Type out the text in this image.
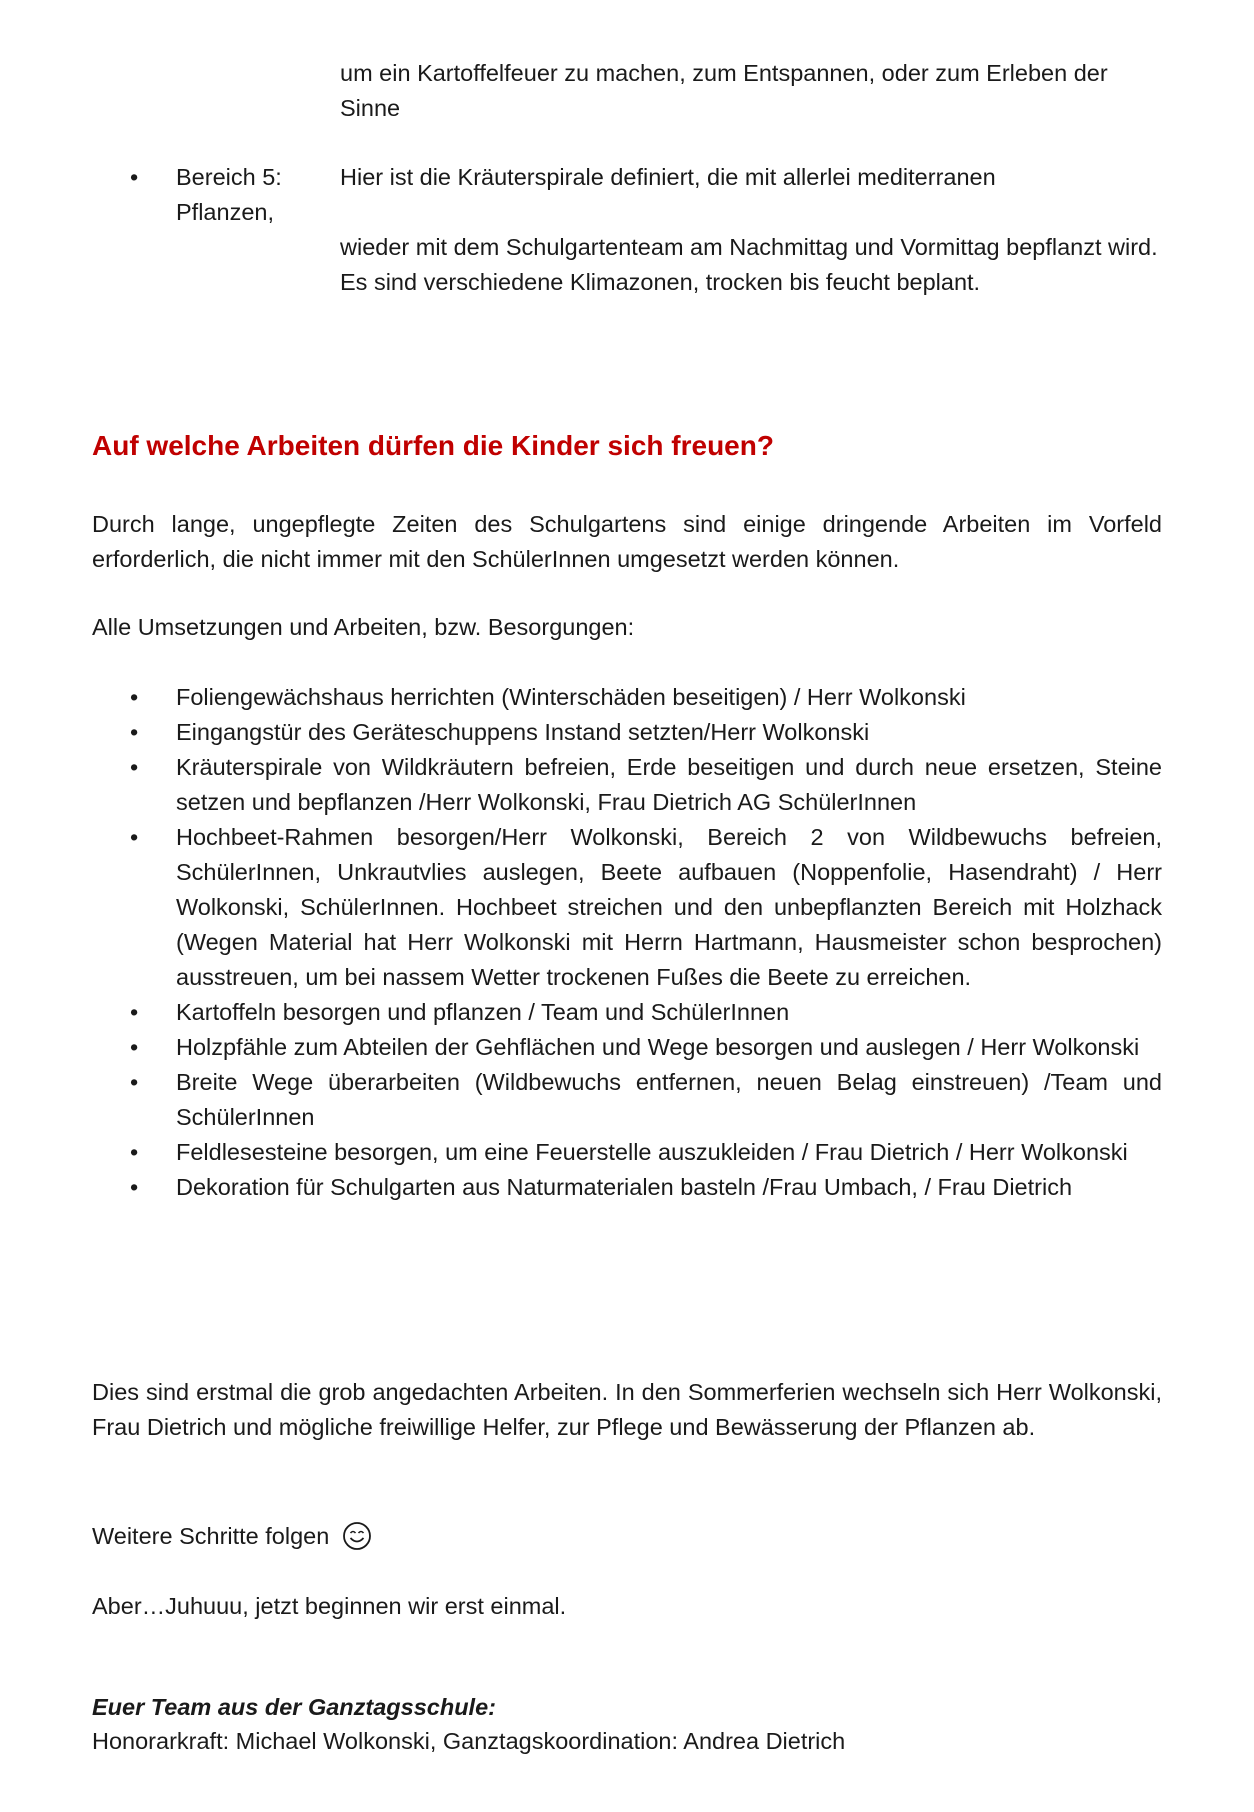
um ein Kartoffelfeuer zu machen, zum Entspannen, oder zum Erleben der Sinne
• Bereich 5: Pflanzen,
Hier ist die Kräuterspirale definiert, die mit allerlei mediterranen
wieder mit dem Schulgartenteam am Nachmittag und Vormittag bepflanzt wird. Es sind verschiedene Klimazonen, trocken bis feucht beplant.
Auf welche Arbeiten dürfen die Kinder sich freuen?

Durch lange, ungepflegte Zeiten des Schulgartens sind einige dringende Arbeiten im Vorfeld erforderlich, die nicht immer mit den SchülerInnen umgesetzt werden können.

Alle Umsetzungen und Arbeiten, bzw. Besorgungen:

• Foliengewächshaus herrichten (Winterschäden beseitigen) / Herr Wolkonski
• Eingangstür des Geräteschuppens Instand setzten/Herr Wolkonski
• Kräuterspirale von Wildkräutern befreien, Erde beseitigen und durch neue ersetzen, Steine setzen und bepflanzen /Herr Wolkonski, Frau Dietrich AG SchülerInnen
• Hochbeet-Rahmen besorgen/Herr Wolkonski, Bereich 2 von Wildbewuchs befreien, SchülerInnen, Unkrautvlies auslegen, Beete aufbauen (Noppenfolie, Hasendraht) / Herr Wolkonski, SchülerInnen. Hochbeet streichen und den unbepflanzten Bereich mit Holzhack (Wegen Material hat Herr Wolkonski mit Herrn Hartmann, Hausmeister schon besprochen) ausstreuen, um bei nassem Wetter trockenen Fußes die Beete zu erreichen.
• Kartoffeln besorgen und pflanzen / Team und SchülerInnen
• Holzpfähle zum Abteilen der Gehflächen und Wege besorgen und auslegen / Herr Wolkonski
• Breite Wege überarbeiten (Wildbewuchs entfernen, neuen Belag einstreuen) /Team und SchülerInnen
• Feldlesesteine besorgen, um eine Feuerstelle auszukleiden / Frau Dietrich / Herr Wolkonski
• Dekoration für Schulgarten aus Naturmaterialen basteln /Frau Umbach, / Frau Dietrich

Dies sind erstmal die grob angedachten Arbeiten. In den Sommerferien wechseln sich Herr Wolkonski, Frau Dietrich und mögliche freiwillige Helfer, zur Pflege und Bewässerung der Pflanzen ab.

Weitere Schritte folgen

Aber…Juhuuu, jetzt beginnen wir erst einmal.

Euer Team aus der Ganztagsschule:
Honorarkraft: Michael Wolkonski, Ganztagskoordination: Andrea Dietrich
